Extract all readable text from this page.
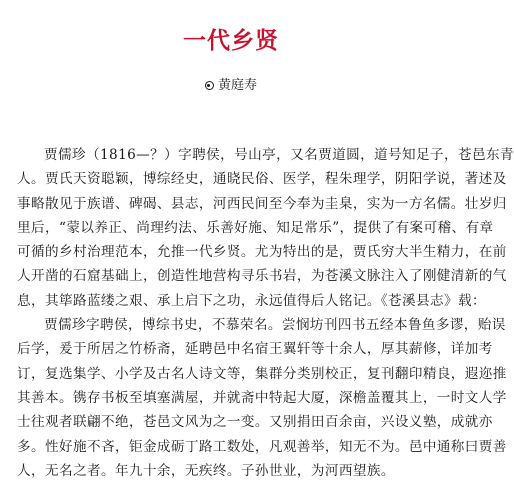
一代乡贤
黄庭寿

贾儒珍（1816—？）字聘侯，号山亭，又名贾道圆，道号知足子，苍邑东青
人。贾氏天资聪颖，博综经史，通晓民俗、医学，程朱理学，阴阳学说，著述及
事略散见于族谱、碑碣、县志，河西民间至今奉为圭臬，实为一方名儒。壮岁归
里后，“蒙以养正、尚理约法、乐善好施、知足常乐”，提供了有案可稽、有章
可循的乡村治理范本，允推一代乡贤。尤为特出的是，贾氏穷大半生精力，在前
人开凿的石窟基础上，创造性地营构寻乐书岩，为苍溪文脉注入了刚健清新的气
息，其筚路蓝缕之艰、承上启下之功，永远值得后人铭记。《苍溪县志》载：

贾儒珍字聘侯，博综书史，不慕荣名。尝悯坊刊四书五经本鲁鱼多谬，贻误
后学，爰于所居之竹桥斋，延聘邑中名宿王翼轩等十余人，厚其薪修，详加考
订，复选集学、小学及古名人诗文等，集群分类别校正，复刊翻印精良，遐迩推
其善本。镌存书板至填塞满屋，并就斋中特起大厦，深檐盖覆其上，一时文人学
士往观者联翩不绝，苍邑文风为之一变。又别捐田百余亩，兴设义塾，成就亦
多。性好施不吝，钜金成砺丁路工数处，凡观善举，知无不为。邑中通称曰贾善
人，无名之者。年九十余，无疾终。子孙世业，为河西望族。
